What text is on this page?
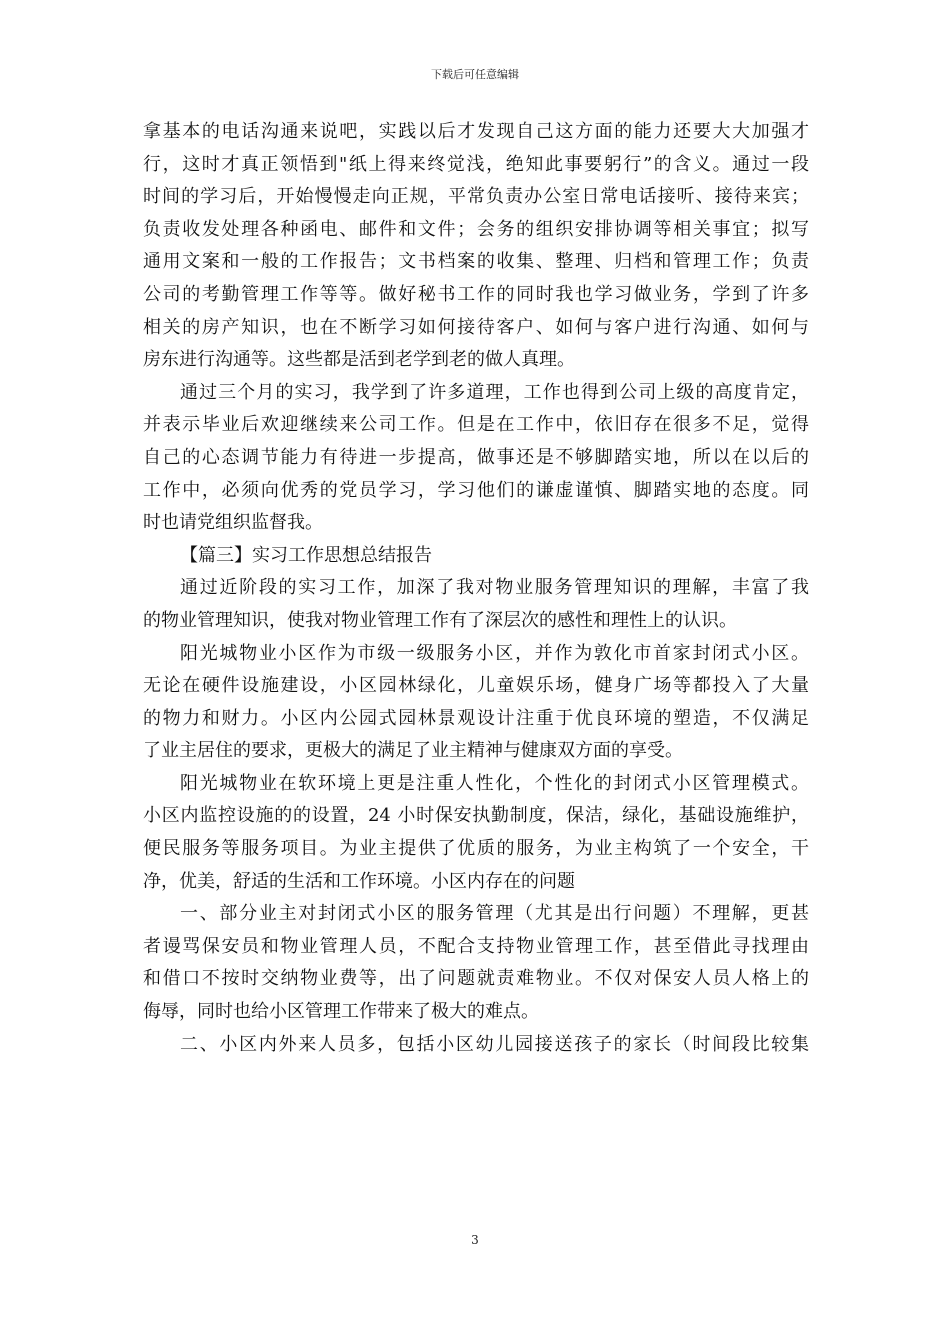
下载后可任意编辑
拿基本的电话沟通来说吧，实践以后才发现自己这方面的能力还要大大加强才
行，这时才真正领悟到"纸上得来终觉浅，绝知此事要躬行”的含义。通过一段
时间的学习后，开始慢慢走向正规，平常负责办公室日常电话接听、接待来宾；
负责收发处理各种函电、邮件和文件；会务的组织安排协调等相关事宜；拟写
通用文案和一般的工作报告；文书档案的收集、整理、归档和管理工作；负责
公司的考勤管理工作等等。做好秘书工作的同时我也学习做业务，学到了许多
相关的房产知识，也在不断学习如何接待客户、如何与客户进行沟通、如何与
房东进行沟通等。这些都是活到老学到老的做人真理。
通过三个月的实习，我学到了许多道理，工作也得到公司上级的高度肯定，
并表示毕业后欢迎继续来公司工作。但是在工作中，依旧存在很多不足，觉得
自己的心态调节能力有待进一步提高，做事还是不够脚踏实地，所以在以后的
工作中，必须向优秀的党员学习，学习他们的谦虚谨慎、脚踏实地的态度。同
时也请党组织监督我。
【篇三】实习工作思想总结报告
通过近阶段的实习工作，加深了我对物业服务管理知识的理解，丰富了我
的物业管理知识，使我对物业管理工作有了深层次的感性和理性上的认识。
阳光城物业小区作为市级一级服务小区，并作为敦化市首家封闭式小区。
无论在硬件设施建设，小区园林绿化，儿童娱乐场，健身广场等都投入了大量
的物力和财力。小区内公园式园林景观设计注重于优良环境的塑造，不仅满足
了业主居住的要求，更极大的满足了业主精神与健康双方面的享受。
阳光城物业在软环境上更是注重人性化，个性化的封闭式小区管理模式。
小区内监控设施的的设置，24 小时保安执勤制度，保洁，绿化，基础设施维护，
便民服务等服务项目。为业主提供了优质的服务，为业主构筑了一个安全，干
净，优美，舒适的生活和工作环境。小区内存在的问题
一、部分业主对封闭式小区的服务管理（尤其是出行问题）不理解，更甚
者谩骂保安员和物业管理人员，不配合支持物业管理工作，甚至借此寻找理由
和借口不按时交纳物业费等，出了问题就责难物业。不仅对保安人员人格上的
侮辱，同时也给小区管理工作带来了极大的难点。
二、小区内外来人员多，包括小区幼儿园接送孩子的家长（时间段比较集
3
